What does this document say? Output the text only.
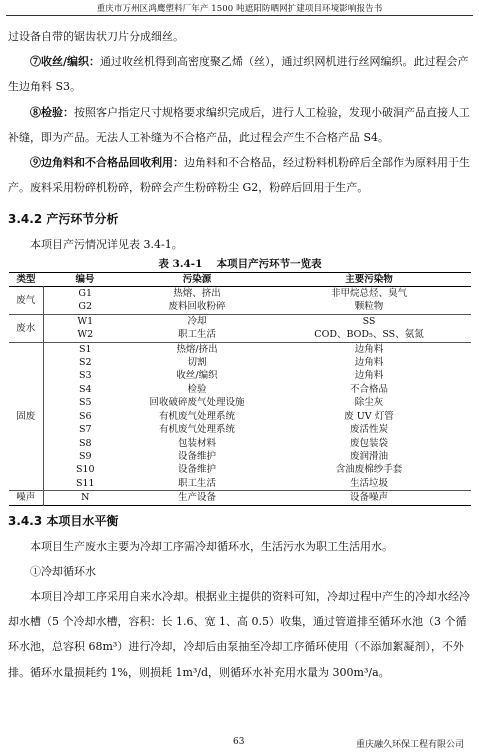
重庆市万州区鸿鹰塑料厂年产 1500 吨遮阳防晒网扩建项目环境影响报告书

过设备自带的锯齿状刀片分成细丝。

⑦收丝/编织：通过收丝机得到高密度聚乙烯（丝），通过织网机进行丝网编织。此过程会产生边角料 S3。

⑧检验：按照客户指定尺寸规格要求编织完成后，进行人工检验，发现小破洞产品直接人工补缝，即为产品。无法人工补缝为不合格产品，此过程会产生不合格产品 S4。

⑨边角料和不合格品回收利用：边角料和不合格品，经过粉料机粉碎后全部作为原料用于生产。废料采用粉碎机粉碎，粉碎会产生粉碎粉尘 G2，粉碎后回用于生产。

3.4.2 产污环节分析

本项目产污情况详见表 3.4-1。

表 3.4-1　 本项目产污环节一览表
类型	编号	污染源	主要污染物
废气	G1	热熔、挤出	非甲烷总烃、臭气
	G2	废料回收粉碎	颗粒物
废水	W1	冷却	SS
	W2	职工生活	COD、BOD₅、SS、氨氮
固废	S1	热熔/挤出	边角料
	S2	切割	边角料
	S3	收丝/编织	边角料
	S4	检验	不合格品
	S5	回收破碎废气处理设施	除尘灰
	S6	有机废气处理系统	废 UV 灯管
	S7	有机废气处理系统	废活性炭
	S8	包装材料	废包装袋
	S9	设备维护	废润滑油
	S10	设备维护	含油废棉纱手套
	S11	职工生活	生活垃圾
噪声	N	生产设备	设备噪声
3.4.3 本项目水平衡

本项目生产废水主要为冷却工序需冷却循环水，生活污水为职工生活用水。

①冷却循环水

本项目冷却工序采用自来水冷却。根据业主提供的资料可知，冷却过程中产生的冷却水经冷却水槽（5 个冷却水槽，容积：长 1.6、宽 1、高 0.5）收集，通过管道排至循环水池（3 个循环水池，总容积 68m³）进行冷却，冷却后由泵抽至冷却工序循环使用（不添加絮凝剂），不外排。循环水量损耗约 1%，则损耗 1m³/d，则循环水补充用水量为 300m³/a。

63	重庆融久环保工程有限公司
